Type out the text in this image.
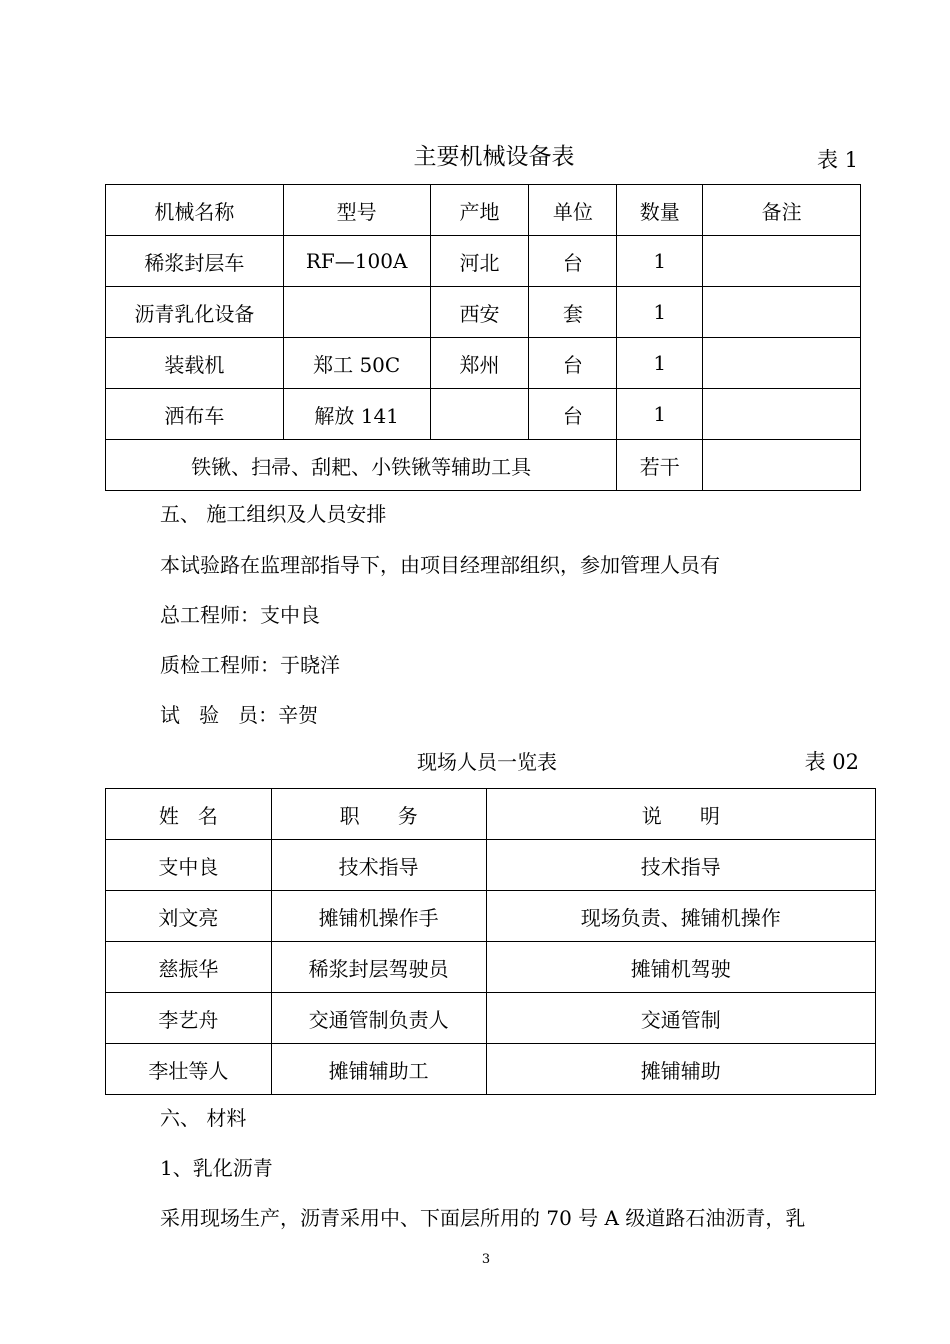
主要机械设备表	表 1
机械名称	型号	产地	单位	数量	备注
稀浆封层车	RF—100A	河北	台	1	
沥青乳化设备		西安	套	1	
装载机	郑工 50C	郑州	台	1	
洒布车	解放 141		台	1	
铁锹、扫帚、刮耙、小铁锹等辅助工具				若干	
五、 施工组织及人员安排
本试验路在监理部指导下，由项目经理部组织，参加管理人员有
总工程师：支中良
质检工程师：于晓洋
试   验   员：辛贺
现场人员一览表	表 02
姓   名	职      务	说      明
支中良	技术指导	技术指导
刘文亮	摊铺机操作手	现场负责、摊铺机操作
慈振华	稀浆封层驾驶员	摊铺机驾驶
李艺舟	交通管制负责人	交通管制
李壮等人	摊铺辅助工	摊铺辅助
六、 材料
1、乳化沥青
采用现场生产，沥青采用中、下面层所用的 70 号 A 级道路石油沥青，乳
3
